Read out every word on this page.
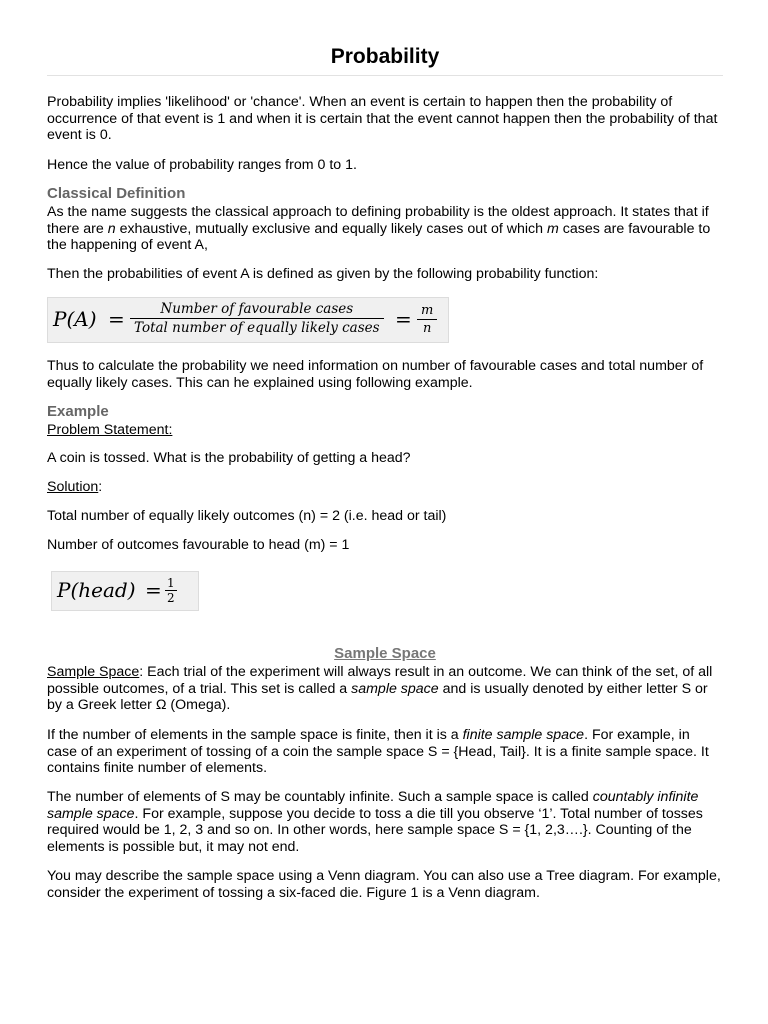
Probability

Probability implies 'likelihood' or 'chance'. When an event is certain to happen then the probability of occurrence of that event is 1 and when it is certain that the event cannot happen then the probability of that event is 0.

Hence the value of probability ranges from 0 to 1.

Classical Definition

As the name suggests the classical approach to defining probability is the oldest approach. It states that if there are n exhaustive, mutually exclusive and equally likely cases out of which m cases are favourable to the happening of event A,

Then the probabilities of event A is defined as given by the following probability function:

P(A) =	Number of favourable cases
Total number of equally likely cases = $\frac{m}{n}$

Thus to calculate the probability we need information on number of favourable cases and total number of equally likely cases. This can he explained using following example.

Example

Problem Statement:

A coin is tossed. What is the probability of getting a head?

Solution:

Total number of equally likely outcomes (n) = 2 (i.e. head or tail)

Number of outcomes favourable to head (m) = 1

P(head) = $\frac{1}{2}$
Sample Space

Sample Space: Each trial of the experiment will always result in an outcome. We can think of the set, of all possible outcomes, of a trial. This set is called a sample space and is usually denoted by either letter S or by a Greek letter Ω (Omega).

If the number of elements in the sample space is finite, then it is a finite sample space. For example, in case of an experiment of tossing of a coin the sample space S = {Head, Tail}. It is a finite sample space. It contains finite number of elements.

The number of elements of S may be countably infinite. Such a sample space is called countably infinite sample space. For example, suppose you decide to toss a die till you observe ‘1’. Total number of tosses required would be 1, 2, 3 and so on. In other words, here sample space S = {1, 2,3….}. Counting of the elements is possible but, it may not end.

You may describe the sample space using a Venn diagram. You can also use a Tree diagram. For example, consider the experiment of tossing a six-faced die. Figure 1 is a Venn diagram.
